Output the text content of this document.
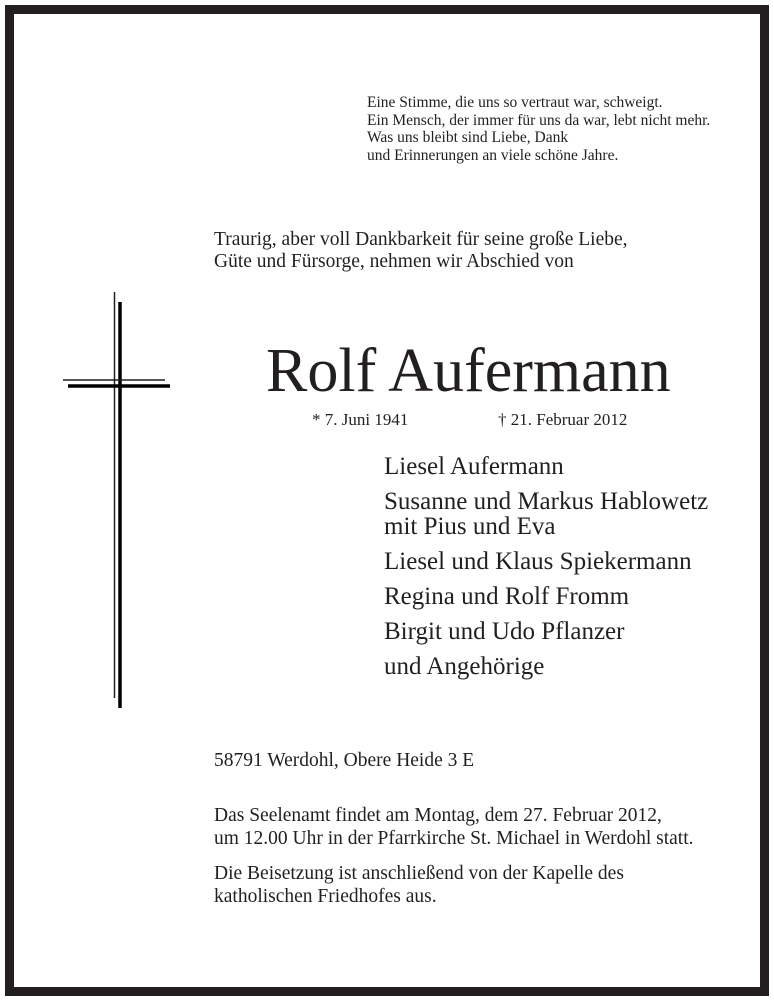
Eine Stimme, die uns so vertraut war, schweigt.
Ein Mensch, der immer für uns da war, lebt nicht mehr.
Was uns bleibt sind Liebe, Dank
und Erinnerungen an viele schöne Jahre.
Traurig, aber voll Dankbarkeit für seine große Liebe,
Güte und Fürsorge, nehmen wir Abschied von
Rolf Aufermann
* 7. Juni 1941	† 21. Februar 2012
Liesel Aufermann
Susanne und Markus Hablowetz
mit Pius und Eva
Liesel und Klaus Spiekermann
Regina und Rolf Fromm
Birgit und Udo Pflanzer
und Angehörige
58791 Werdohl, Obere Heide 3 E
Das Seelenamt findet am Montag, dem 27. Februar 2012,
um 12.00 Uhr in der Pfarrkirche St. Michael in Werdohl statt.
Die Beisetzung ist anschließend von der Kapelle des
katholischen Friedhofes aus.
